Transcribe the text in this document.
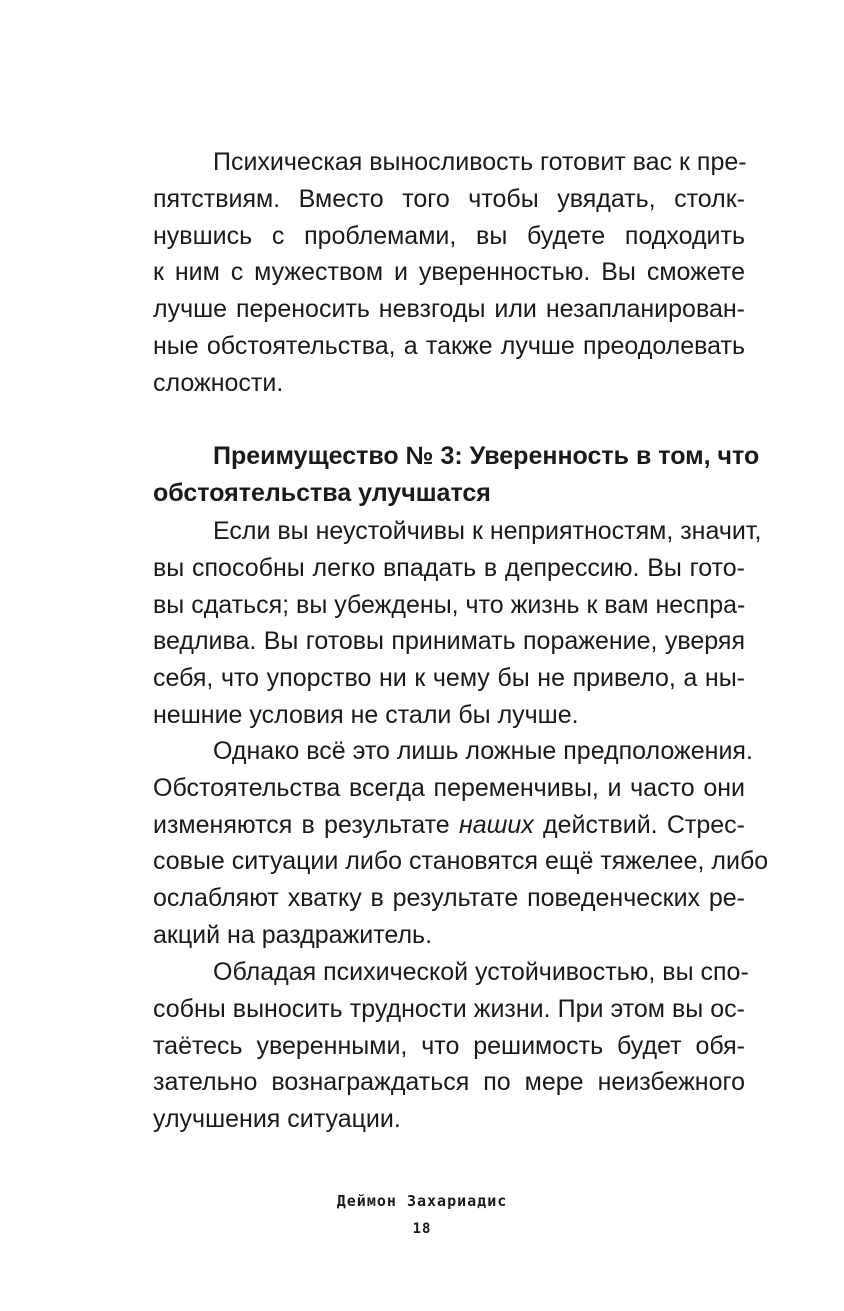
Психическая выносливость готовит вас к пре-
пятствиям. Вместо того чтобы увядать, столк-
нувшись с проблемами, вы будете подходить
к ним с мужеством и уверенностью. Вы сможете
лучше переносить невзгоды или незапланирован-
ные обстоятельства, а также лучше преодолевать
сложности.
Преимущество № 3: Уверенность в том, что
обстоятельства улучшатся
Если вы неустойчивы к неприятностям, значит,
вы способны легко впадать в депрессию. Вы гото-
вы сдаться; вы убеждены, что жизнь к вам неспра-
ведлива. Вы готовы принимать поражение, уверяя
себя, что упорство ни к чему бы не привело, а ны-
нешние условия не стали бы лучше.
Однако всё это лишь ложные предположения.
Обстоятельства всегда переменчивы, и часто они
изменяются в результате наших действий. Стрес-
совые ситуации либо становятся ещё тяжелее, либо
ослабляют хватку в результате поведенческих ре-
акций на раздражитель.
Обладая психической устойчивостью, вы спо-
собны выносить трудности жизни. При этом вы ос-
таётесь уверенными, что решимость будет обя-
зательно вознаграждаться по мере неизбежного
улучшения ситуации.
Деймон Захариадис
18
